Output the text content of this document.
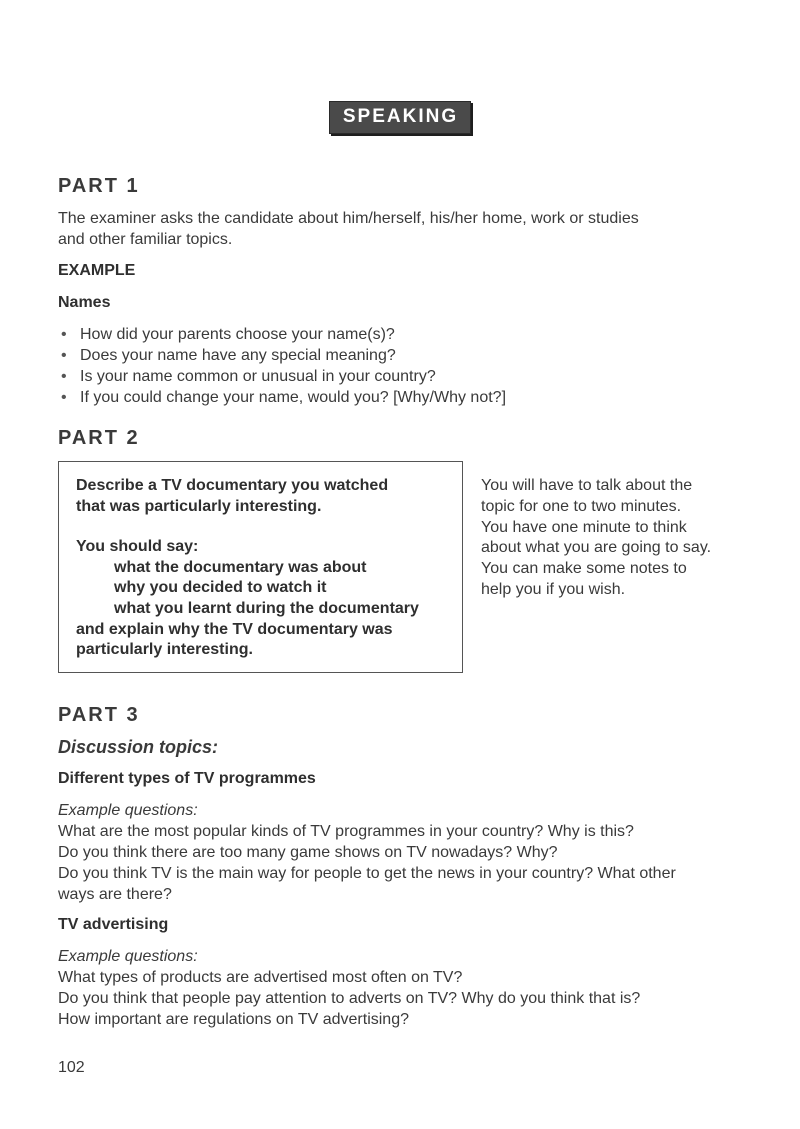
SPEAKING
PART 1
The examiner asks the candidate about him/herself, his/her home, work or studies
and other familiar topics.
EXAMPLE
Names
• How did your parents choose your name(s)?
• Does your name have any special meaning?
• Is your name common or unusual in your country?
• If you could change your name, would you? [Why/Why not?]
PART 2
Describe a TV documentary you watched
that was particularly interesting.
You should say:
what the documentary was about
why you decided to watch it
what you learnt during the documentary
and explain why the TV documentary was
particularly interesting.
You will have to talk about the
topic for one to two minutes.
You have one minute to think
about what you are going to say.
You can make some notes to
help you if you wish.
PART 3
Discussion topics:
Different types of TV programmes
Example questions:
What are the most popular kinds of TV programmes in your country? Why is this?
Do you think there are too many game shows on TV nowadays? Why?
Do you think TV is the main way for people to get the news in your country? What other
ways are there?
TV advertising
Example questions:
What types of products are advertised most often on TV?
Do you think that people pay attention to adverts on TV? Why do you think that is?
How important are regulations on TV advertising?
102
